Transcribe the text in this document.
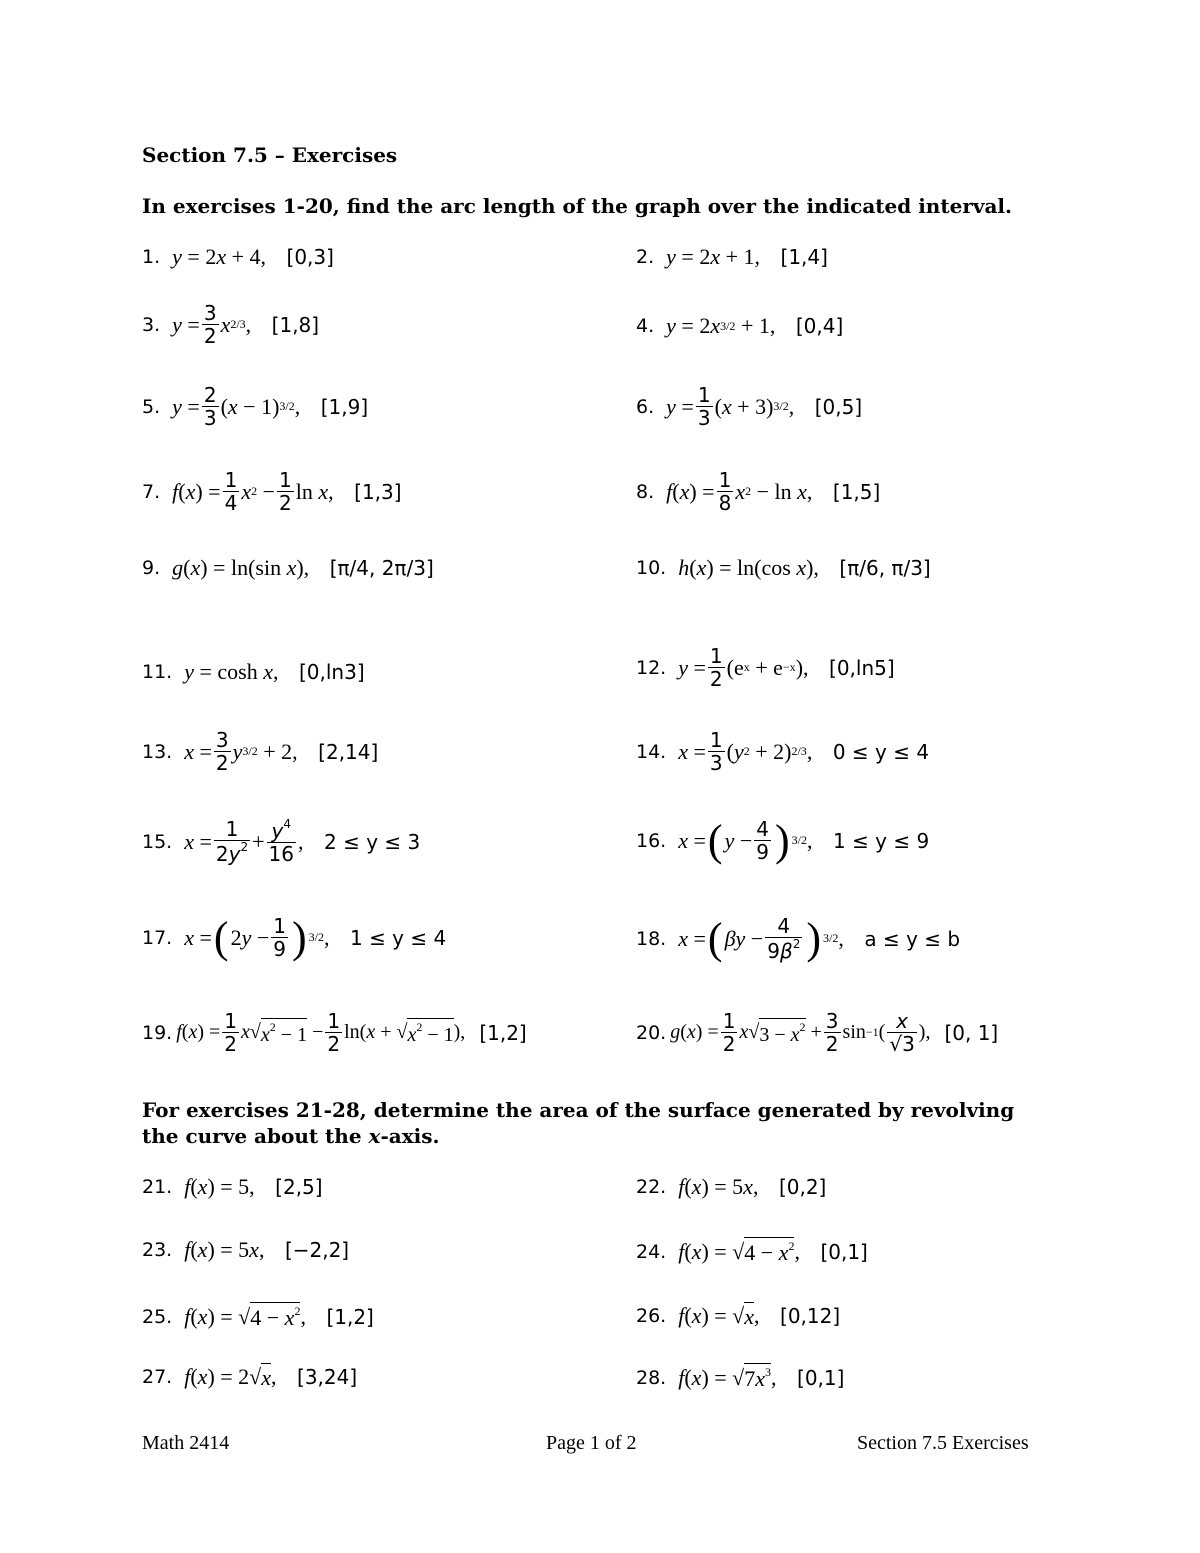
Section 7.5 – Exercises
In exercises 1-20, find the arc length of the graph over the indicated interval.
1. y = 2 x + 4, [0,3]	2. y = 2 x + 1, [1,4]
3. $y = \frac{3}{2}$ x 2/3 , [1,8]	4. y = 2 x 3/2 + 1, [0,4]
5. $y = \frac{2}{3}$ ( x − 1) 3/2 , [1,9]	6. $y = \frac{1}{3}$ ( x + 3) 3/2 , [0,5]
7. f ( x ) = $\frac{1}{4}$ x $2 - \frac{1}{2}$ ln x , [1,3]	8. f ( x ) = $\frac{1}{8}$ x 2 − ln x , [1,5]
9. g ( x ) = ln(sin x ), [π/4, 2π/3]	10. h ( x ) = ln(cos x ), [π/6, π/3]
11. y = cosh x , [0,ln3]	12. $y = \frac{1}{2} (e$ x + e −x ), [0,ln5]
13. $x = \frac{3}{2}$ y 3/2 + 2, [2,14]	14. $x = \frac{1}{3}$ ( y 2 + 2) 2/3 , 0 ≤ y ≤ 4
15. $x = \frac{1}{2y^2} + \frac{y^4}{16}$ , 2 ≤ y ≤ 3	16. x = ( $y - \frac{4}{9}$ ) 3/2 , 1 ≤ y ≤ 9
17. x = ( 2 $y - \frac{1}{9}$ ) 3/2 , 1 ≤ y ≤ 4	18. x = ( $\beta y - \frac{4}{9\beta^2}$ ) 3/2 , a ≤ y ≤ b
19. f ( x ) = $\frac{1}{2}$ x √ $x^2 - 1 - \frac{1}{2} \ln$( x + √ $x^2 - 1$ ), [1,2]	20. g ( x ) = $\frac{1}{2}$ x √ $3 - x^2 + \frac{3}{2}$ sin −1 ( $\frac{x}{√3}$ ), [0, 1]
For exercises 21-28, determine the area of the surface generated by revolving the curve about the x-axis.
21. f ( x ) = 5, [2,5]	22. f ( x ) = 5 x , [0,2]
23. f ( x ) = 5 x , [−2,2]	24. f ( x ) = √ $4 - x^2$ , [0,1]
25. f ( x ) = √ $4 - x^2$ , [1,2]	26. f ( x ) = √ x , [0,12]
27. f ( x ) = 2√ x , [3,24]	28. f ( x ) = √ $7x^3$ , [0,1]
Math 2414	Page 1 of 2	Section 7.5 Exercises
